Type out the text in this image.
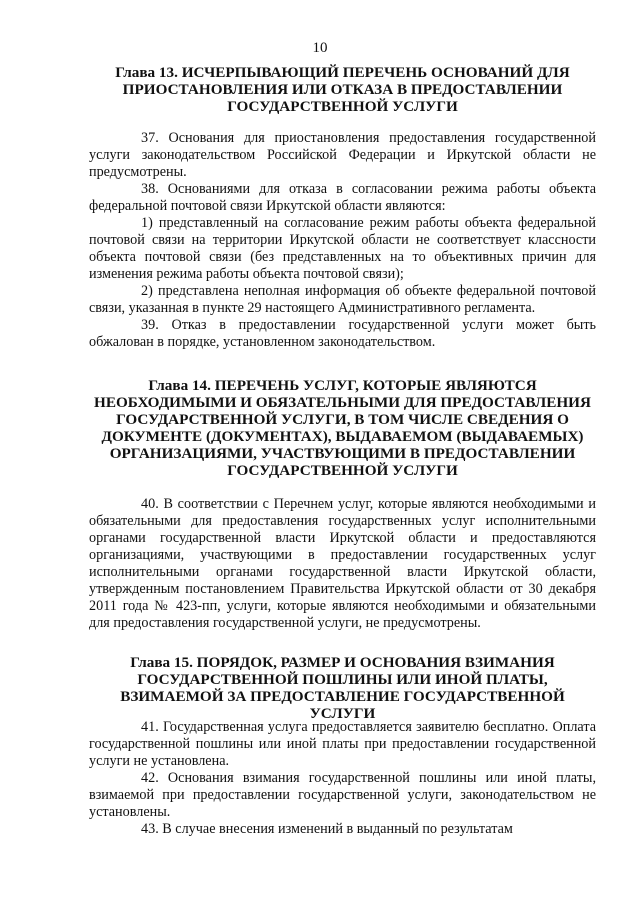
10
Глава 13. ИСЧЕРПЫВАЮЩИЙ ПЕРЕЧЕНЬ ОСНОВАНИЙ ДЛЯ ПРИОСТАНОВЛЕНИЯ ИЛИ ОТКАЗА В ПРЕДОСТАВЛЕНИИ ГОСУДАРСТВЕННОЙ УСЛУГИ

37. Основания для приостановления предоставления государственной услуги законодательством Российской Федерации и Иркутской области не предусмотрены.

38. Основаниями для отказа в согласовании режима работы объекта федеральной почтовой связи Иркутской области являются:

1) представленный на согласование режим работы объекта федеральной почтовой связи на территории Иркутской области не соответствует классности объекта почтовой связи (без представленных на то объективных причин для изменения режима работы объекта почтовой связи);

2) представлена неполная информация об объекте федеральной почтовой связи, указанная в пункте 29 настоящего Административного регламента.

39. Отказ в предоставлении государственной услуги может быть обжалован в порядке, установленном законодательством.

Глава 14. ПЕРЕЧЕНЬ УСЛУГ, КОТОРЫЕ ЯВЛЯЮТСЯ НЕОБХОДИМЫМИ И ОБЯЗАТЕЛЬНЫМИ ДЛЯ ПРЕДОСТАВЛЕНИЯ ГОСУДАРСТВЕННОЙ УСЛУГИ, В ТОМ ЧИСЛЕ СВЕДЕНИЯ О ДОКУМЕНТЕ (ДОКУМЕНТАХ), ВЫДАВАЕМОМ (ВЫДАВАЕМЫХ) ОРГАНИЗАЦИЯМИ, УЧАСТВУЮЩИМИ В ПРЕДОСТАВЛЕНИИ ГОСУДАРСТВЕННОЙ УСЛУГИ

40. В соответствии с Перечнем услуг, которые являются необходимыми и обязательными для предоставления государственных услуг исполнительными органами государственной власти Иркутской области и предоставляются организациями, участвующими в предоставлении государственных услуг исполнительными органами государственной власти Иркутской области, утвержденным постановлением Правительства Иркутской области от 30 декабря 2011 года № 423-пп, услуги, которые являются необходимыми и обязательными для предоставления государственной услуги, не предусмотрены.

Глава 15. ПОРЯДОК, РАЗМЕР И ОСНОВАНИЯ ВЗИМАНИЯ ГОСУДАРСТВЕННОЙ ПОШЛИНЫ ИЛИ ИНОЙ ПЛАТЫ, ВЗИМАЕМОЙ ЗА ПРЕДОСТАВЛЕНИЕ ГОСУДАРСТВЕННОЙ УСЛУГИ

41. Государственная услуга предоставляется заявителю бесплатно. Оплата государственной пошлины или иной платы при предоставлении государственной услуги не установлена.

42. Основания взимания государственной пошлины или иной платы, взимаемой при предоставлении государственной услуги, законодательством не установлены.

43. В случае внесения изменений в выданный по результатам
